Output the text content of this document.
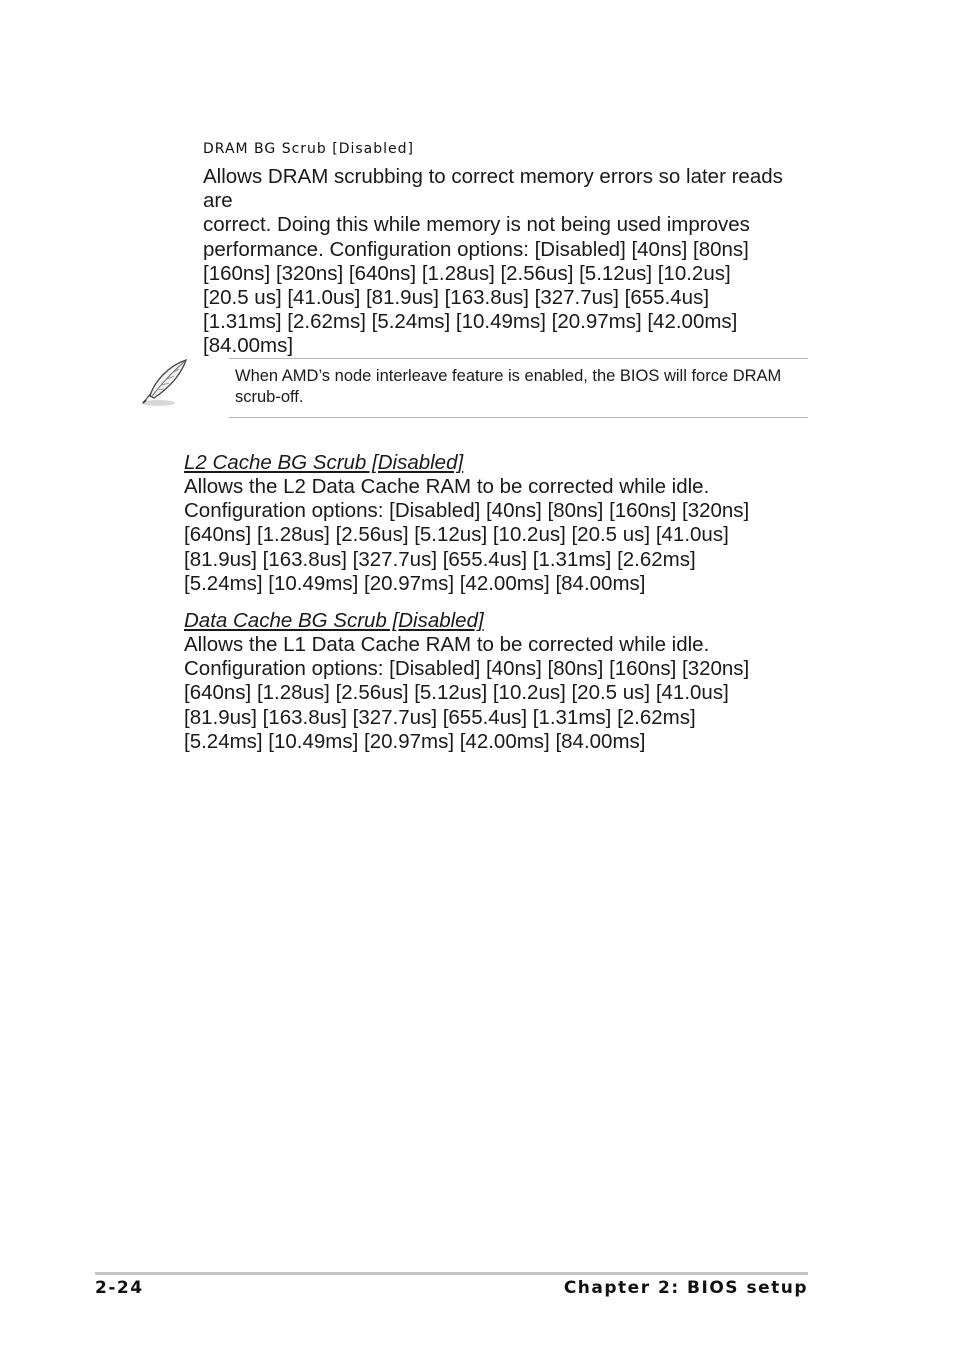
DRAM BG Scrub [Disabled]

Allows DRAM scrubbing to correct memory errors so later reads are
correct. Doing this while memory is not being used improves
performance. Configuration options: [Disabled] [40ns] [80ns]
[160ns] [320ns] [640ns] [1.28us] [2.56us] [5.12us] [10.2us]
[20.5 us] [41.0us] [81.9us] [163.8us] [327.7us] [655.4us]
[1.31ms] [2.62ms] [5.24ms] [10.49ms] [20.97ms] [42.00ms]
[84.00ms]

When AMD’s node interleave feature is enabled, the BIOS will force DRAM
scrub-off.

L2 Cache BG Scrub [Disabled]

Allows the L2 Data Cache RAM to be corrected while idle.
Configuration options: [Disabled] [40ns] [80ns] [160ns] [320ns]
[640ns] [1.28us] [2.56us] [5.12us] [10.2us] [20.5 us] [41.0us]
[81.9us] [163.8us] [327.7us] [655.4us] [1.31ms] [2.62ms]
[5.24ms] [10.49ms] [20.97ms] [42.00ms] [84.00ms]

Data Cache BG Scrub [Disabled]

Allows the L1 Data Cache RAM to be corrected while idle.
Configuration options: [Disabled] [40ns] [80ns] [160ns] [320ns]
[640ns] [1.28us] [2.56us] [5.12us] [10.2us] [20.5 us] [41.0us]
[81.9us] [163.8us] [327.7us] [655.4us] [1.31ms] [2.62ms]
[5.24ms] [10.49ms] [20.97ms] [42.00ms] [84.00ms]

2-24	Chapter 2: BIOS setup
